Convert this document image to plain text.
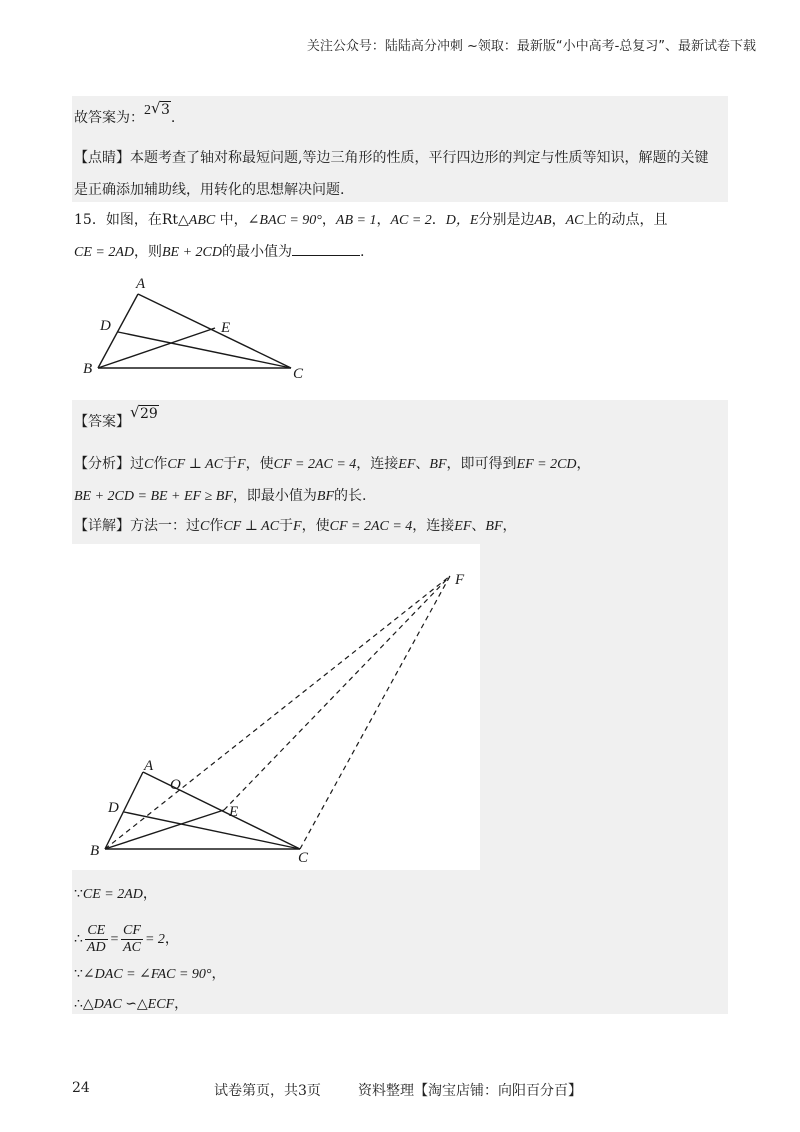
关注公众号：陆陆高分冲刺 ~领取：最新版“小中高考-总复习”、最新试卷下载
故答案为：2 √ 3.
【点睛】本题考查了轴对称最短问题,等边三角形的性质，平行四边形的判定与性质等知识，解题的关键
是正确添加辅助线，用转化的思想解决问题.
15．如图，在Rt△ABC 中，∠BAC = 90°，AB = 1，AC = 2．D，E分别是边AB，AC上的动点，且
CE = 2AD，则BE + 2CD的最小值为	.
A
D	E
B	C
【答案】
√ 29
【分析】过C作CF ⊥ AC于F，使CF = 2AC = 4，连接EF、BF，即可得到EF = 2CD，
BE + 2CD = BE + EF ≥ BF，即最小值为BF的长.
【详解】方法一：过C作CF ⊥ AC于F，使CF = 2AC = 4，连接EF、BF，
F
A
O
D	E
B	C
∵CE = 2AD，
∴ $\frac{CE}{AD} = \frac{CF}{AC} = 2$，
∵∠DAC = ∠FAC = 90°，
∴△DAC ∽△ECF，
24	试卷第页，共3页	资料整理【淘宝店铺：向阳百分百】
